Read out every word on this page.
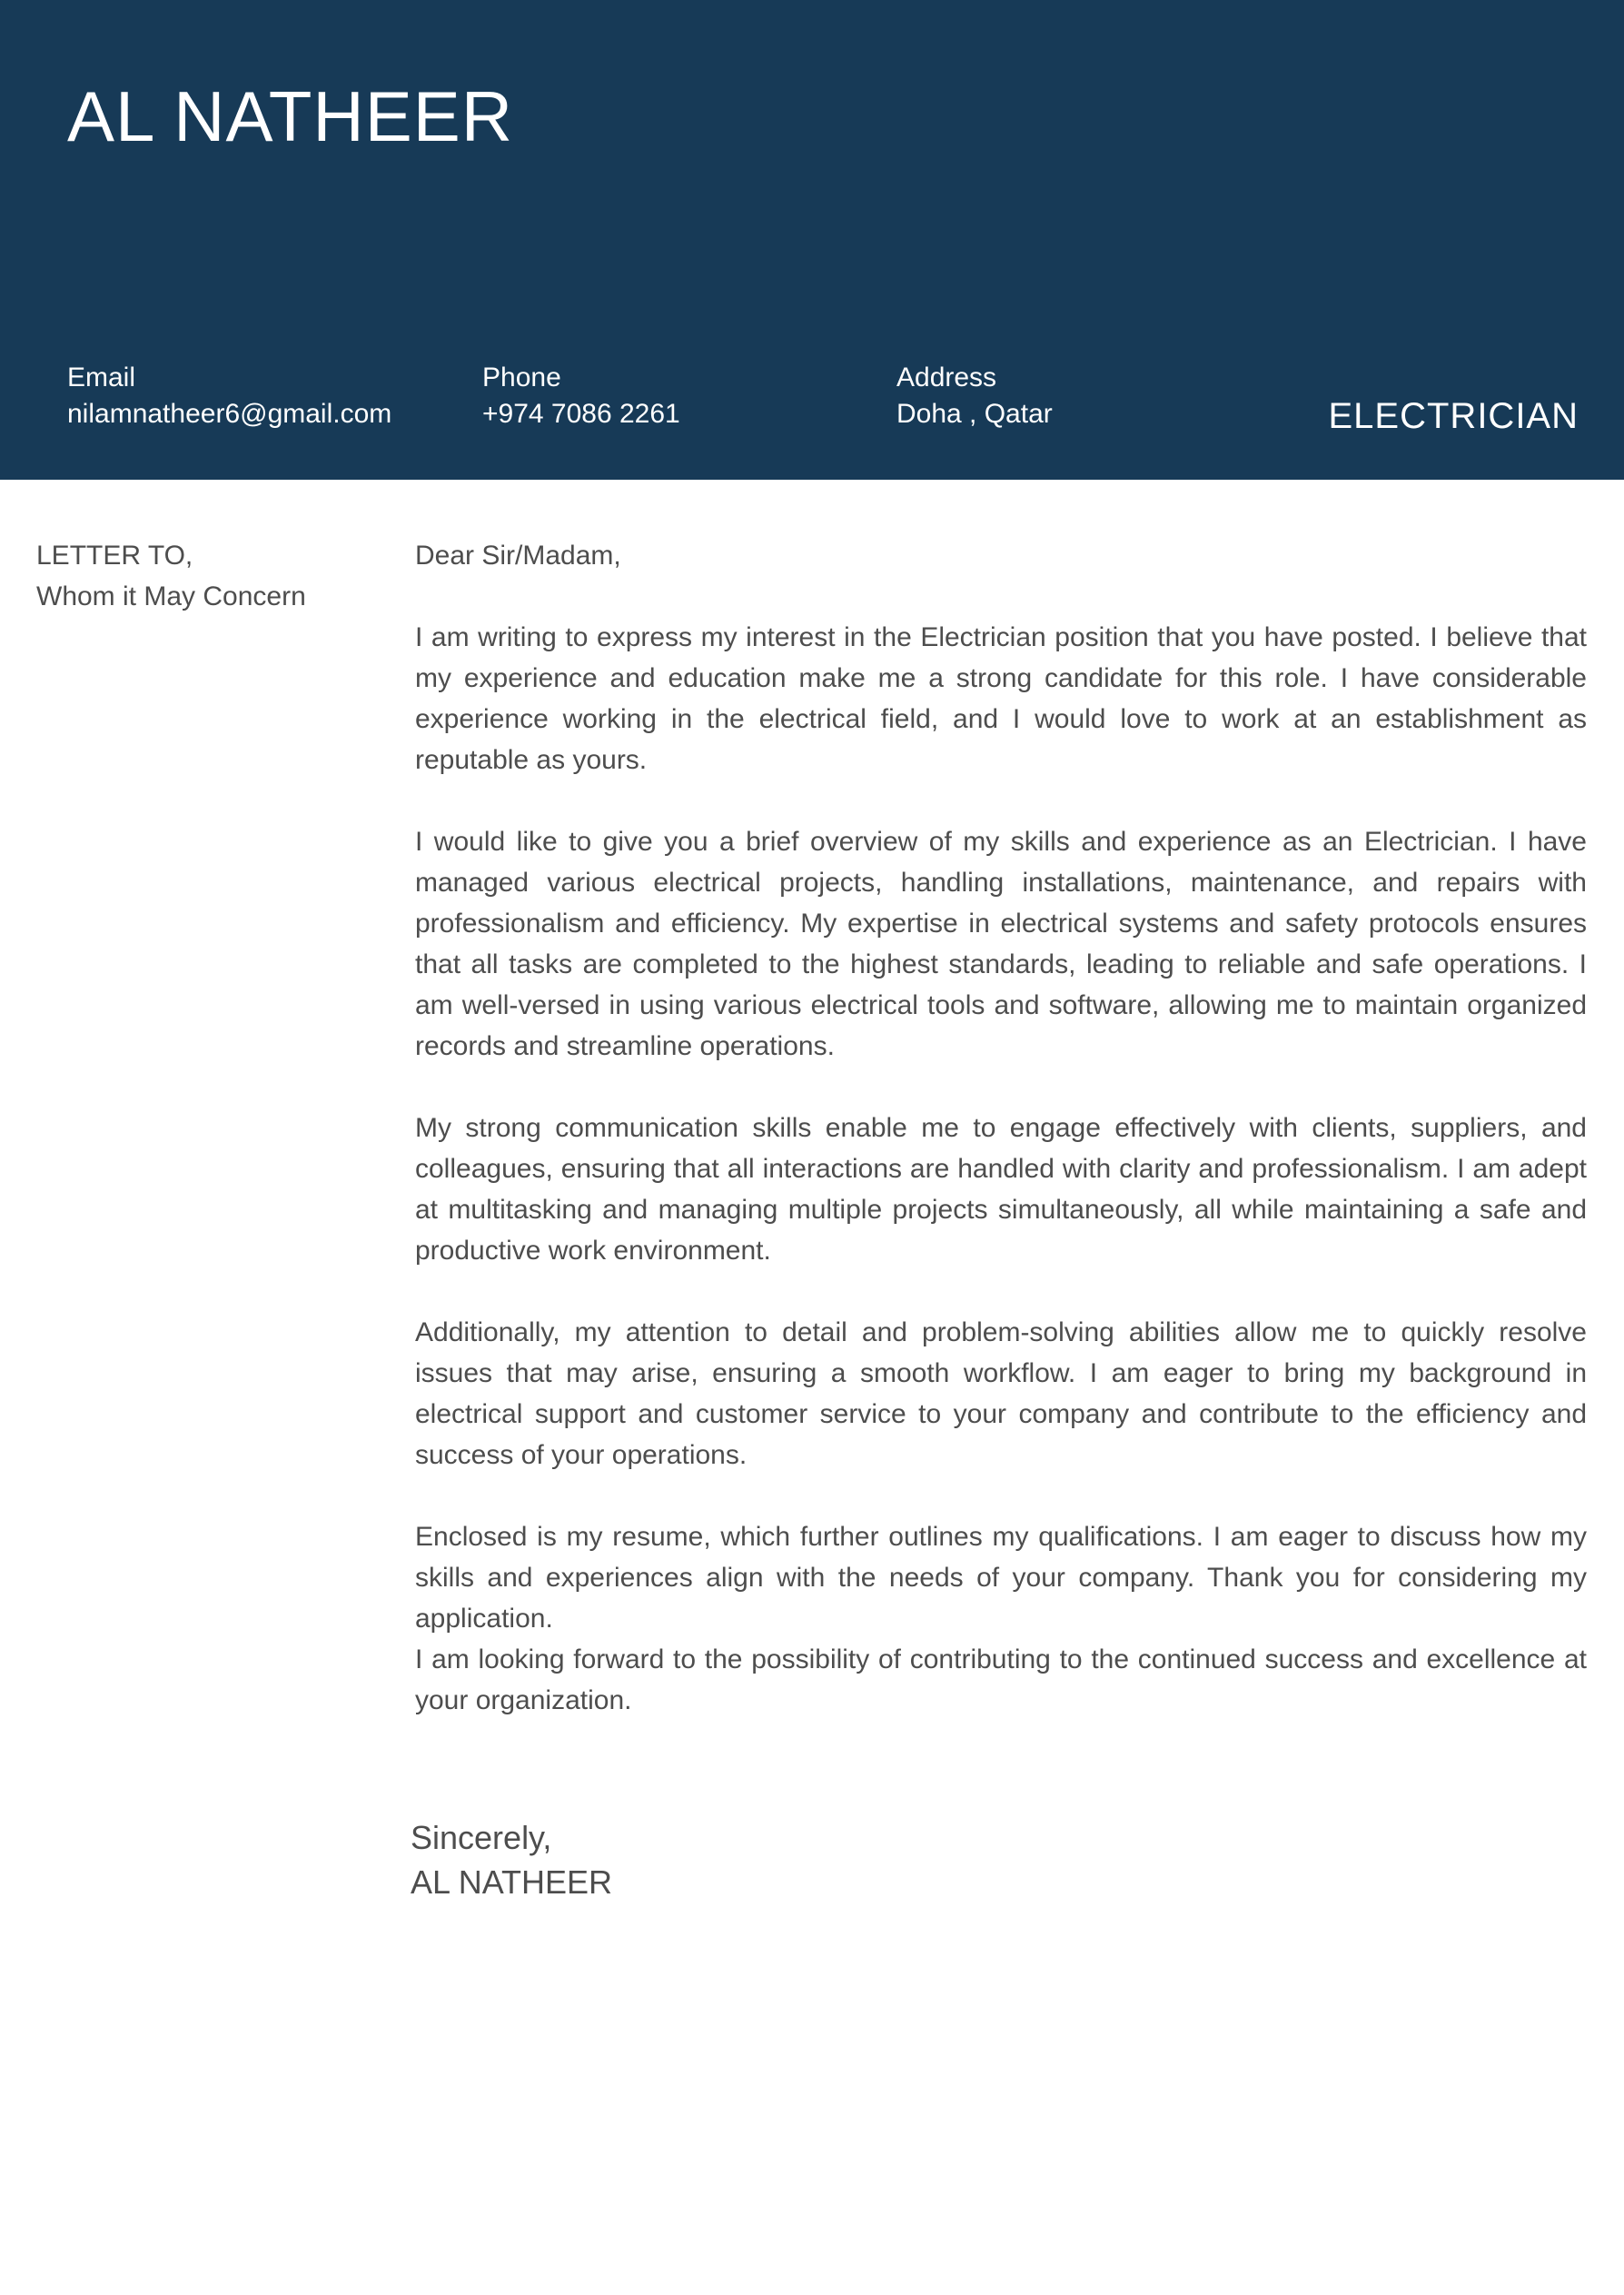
AL NATHEER
Email
nilamnatheer6@gmail.com
Phone
+974 7086 2261
Address
Doha , Qatar	ELECTRICIAN
LETTER TO,
Whom it May Concern
Dear Sir/Madam,

I am writing to express my interest in the Electrician position that you have posted. I believe that my experience and education make me a strong candidate for this role. I have considerable experience working in the electrical field, and I would love to work at an establishment as reputable as yours.

I would like to give you a brief overview of my skills and experience as an Electrician. I have managed various electrical projects, handling installations, maintenance, and repairs with professionalism and efficiency. My expertise in electrical systems and safety protocols ensures that all tasks are completed to the highest standards, leading to reliable and safe operations. I am well-versed in using various electrical tools and software, allowing me to maintain organized records and streamline operations.

My strong communication skills enable me to engage effectively with clients, suppliers, and colleagues, ensuring that all interactions are handled with clarity and professionalism. I am adept at multitasking and managing multiple projects simultaneously, all while maintaining a safe and productive work environment.

Additionally, my attention to detail and problem-solving abilities allow me to quickly resolve issues that may arise, ensuring a smooth workflow. I am eager to bring my background in electrical support and customer service to your company and contribute to the efficiency and success of your operations.

Enclosed is my resume, which further outlines my qualifications. I am eager to discuss how my skills and experiences align with the needs of your company. Thank you for considering my application.

I am looking forward to the possibility of contributing to the continued success and excellence at your organization.

Sincerely,
AL NATHEER
